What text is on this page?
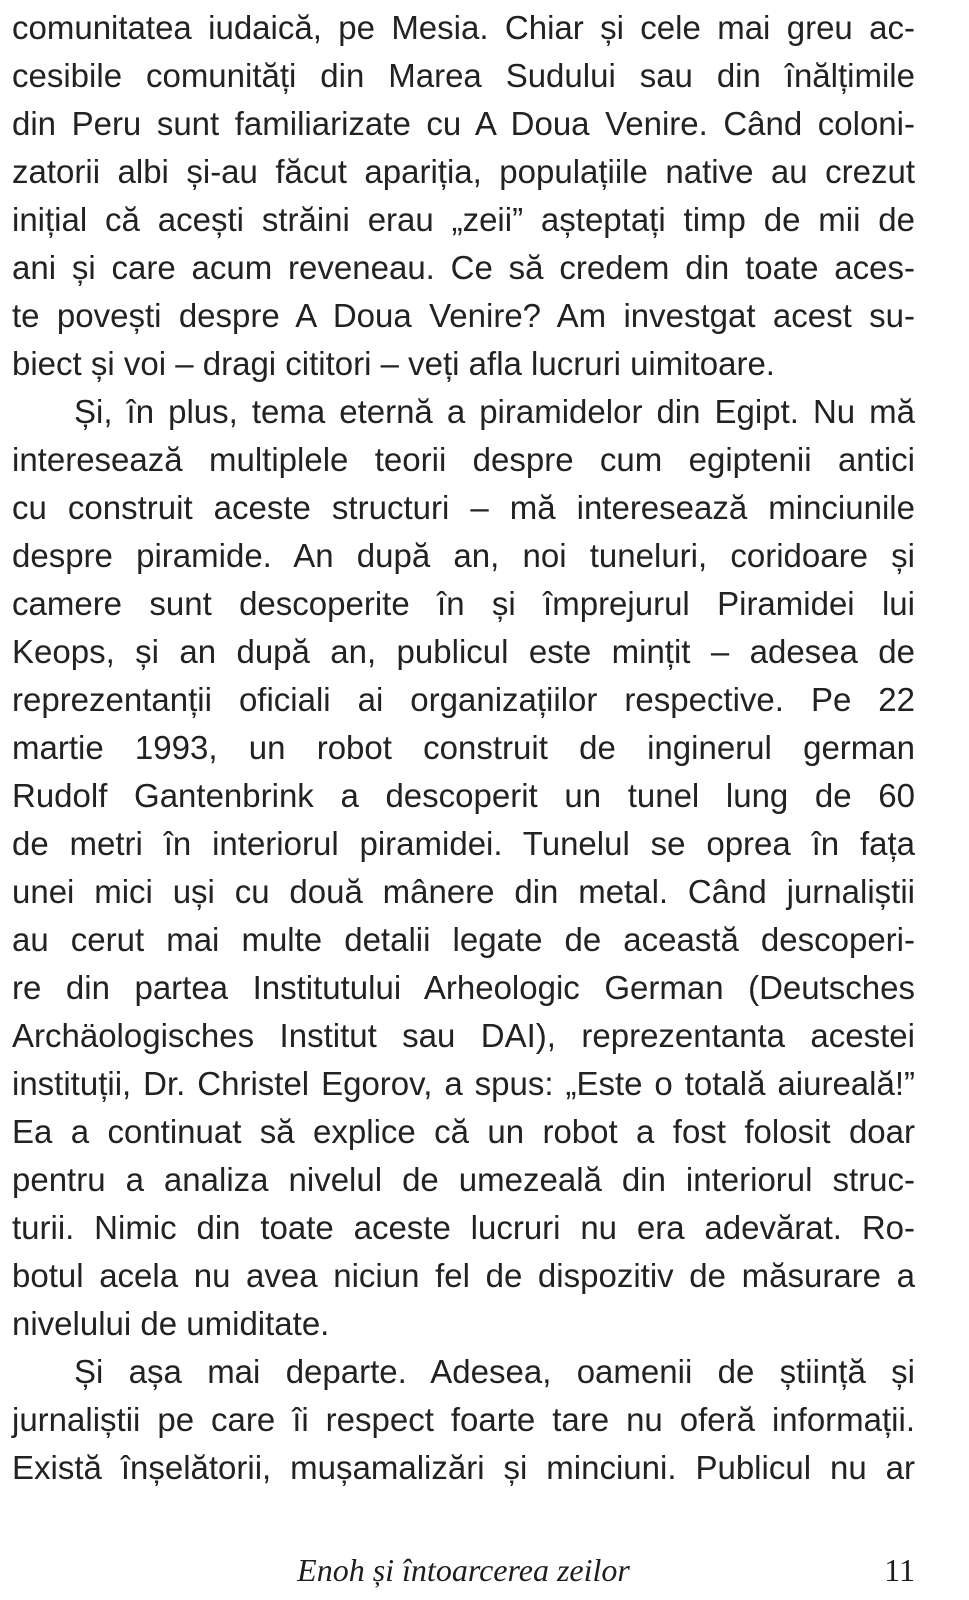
comunitatea iudaică, pe Mesia. Chiar și cele mai greu ac-
cesibile comunități din Marea Sudului sau din înălțimile
din Peru sunt familiarizate cu A Doua Venire. Când coloni-
zatorii albi și-au făcut apariția, populațiile native au crezut
inițial că acești străini erau „zeii” așteptați timp de mii de
ani și care acum reveneau. Ce să credem din toate aces-
te povești despre A Doua Venire? Am investgat acest su-
biect și voi – dragi cititori – veți afla lucruri uimitoare.

Și, în plus, tema eternă a piramidelor din Egipt. Nu mă
interesează multiplele teorii despre cum egiptenii antici
cu construit aceste structuri – mă interesează minciunile
despre piramide. An după an, noi tuneluri, coridoare și
camere sunt descoperite în și împrejurul Piramidei lui
Keops, și an după an, publicul este mințit – adesea de
reprezentanții oficiali ai organizațiilor respective. Pe 22
martie 1993, un robot construit de inginerul german
Rudolf Gantenbrink a descoperit un tunel lung de 60
de metri în interiorul piramidei. Tunelul se oprea în fața
unei mici uși cu două mânere din metal. Când jurnaliștii
au cerut mai multe detalii legate de această descoperi-
re din partea Institutului Arheologic German (Deutsches
Archäologisches Institut sau DAI), reprezentanta acestei
instituții, Dr. Christel Egorov, a spus: „Este o totală aiureală!”
Ea a continuat să explice că un robot a fost folosit doar
pentru a analiza nivelul de umezeală din interiorul struc-
turii. Nimic din toate aceste lucruri nu era adevărat. Ro-
botul acela nu avea niciun fel de dispozitiv de măsurare a
nivelului de umiditate.

Și așa mai departe. Adesea, oamenii de știință și
jurnaliștii pe care îi respect foarte tare nu oferă informații.
Există înșelătorii, mușamalizări și minciuni. Publicul nu ar

Enoh și întoarcerea zeilor	11
